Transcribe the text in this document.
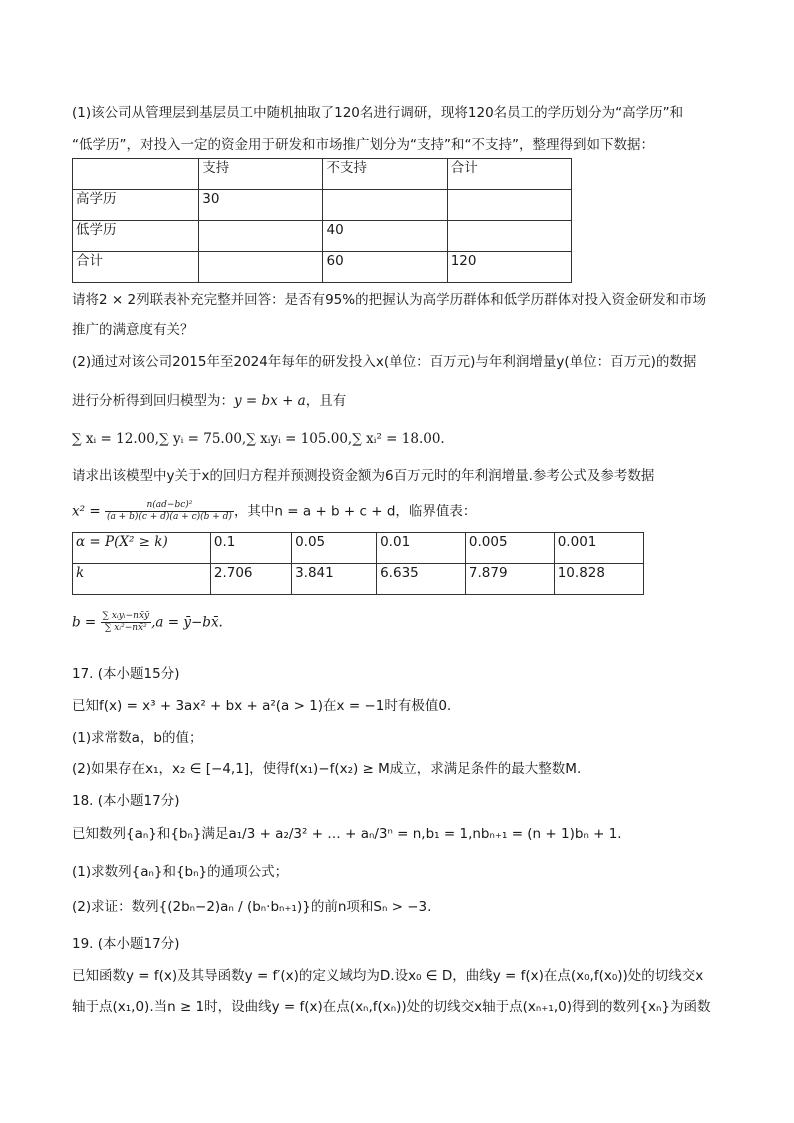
(1)该公司从管理层到基层员工中随机抽取了120名进行调研，现将120名员工的学历划分为“高学历”和
“低学历”，对投入一定的资金用于研发和市场推广划分为“支持”和“不支持”，整理得到如下数据：
	支持	不支持	合计
高学历	30		
低学历		40	
合计		60	120
请将2 × 2列联表补充完整并回答：是否有95%的把握认为高学历群体和低学历群体对投入资金研发和市场
推广的满意度有关？
(2)通过对该公司2015年至2024年每年的研发投入x(单位：百万元)与年利润增量y(单位：百万元)的数据
进行分析得到回归模型为：y = bx + a，且有
∑ xᵢ = 12.00,∑ yᵢ = 75.00,∑ xᵢyᵢ = 105.00,∑ xᵢ² = 18.00.
请求出该模型中y关于x的回归方程并预测投资金额为6百万元时的年利润增量.参考公式及参考数据
$x^2 = \frac{\text{n(ad−bc)²}}{(a + b)(c + d)(a + c)(b + d)}$ ，其中n = a + b + c + d，临界值表：
α = P(X² ≥ k)	0.1	0.05	0.01	0.005	0.001
k	2.706	3.841	6.635	7.879	10.828
$b = \frac{\text{∑ xᵢyᵢ−nx̄ȳ}}{\text{∑ xᵢ²−nx̄²}} ,a$ = ȳ−bx̄.
17. (本小题15分)
已知f(x) = x³ + 3ax² + bx + a²(a > 1)在x = −1时有极值0.
(1)求常数a，b的值；
(2)如果存在x₁，x₂ ∈ [−4,1]，使得f(x₁)−f(x₂) ≥ M成立，求满足条件的最大整数M.
18. (本小题17分)
已知数列{aₙ}和{bₙ}满足a₁/3 + a₂/3² + … + aₙ/3ⁿ = n,b₁ = 1,nbₙ₊₁ = (n + 1)bₙ + 1.
(1)求数列{aₙ}和{bₙ}的通项公式；
(2)求证：数列{(2bₙ−2)aₙ / (bₙ·bₙ₊₁)}的前n项和Sₙ > −3.
19. (本小题17分)
已知函数y = f(x)及其导函数y = f′(x)的定义域均为D.设x₀ ∈ D，曲线y = f(x)在点(x₀,f(x₀))处的切线交x
轴于点(x₁,0).当n ≥ 1时，设曲线y = f(x)在点(xₙ,f(xₙ))处的切线交x轴于点(xₙ₊₁,0)得到的数列{xₙ}为函数
